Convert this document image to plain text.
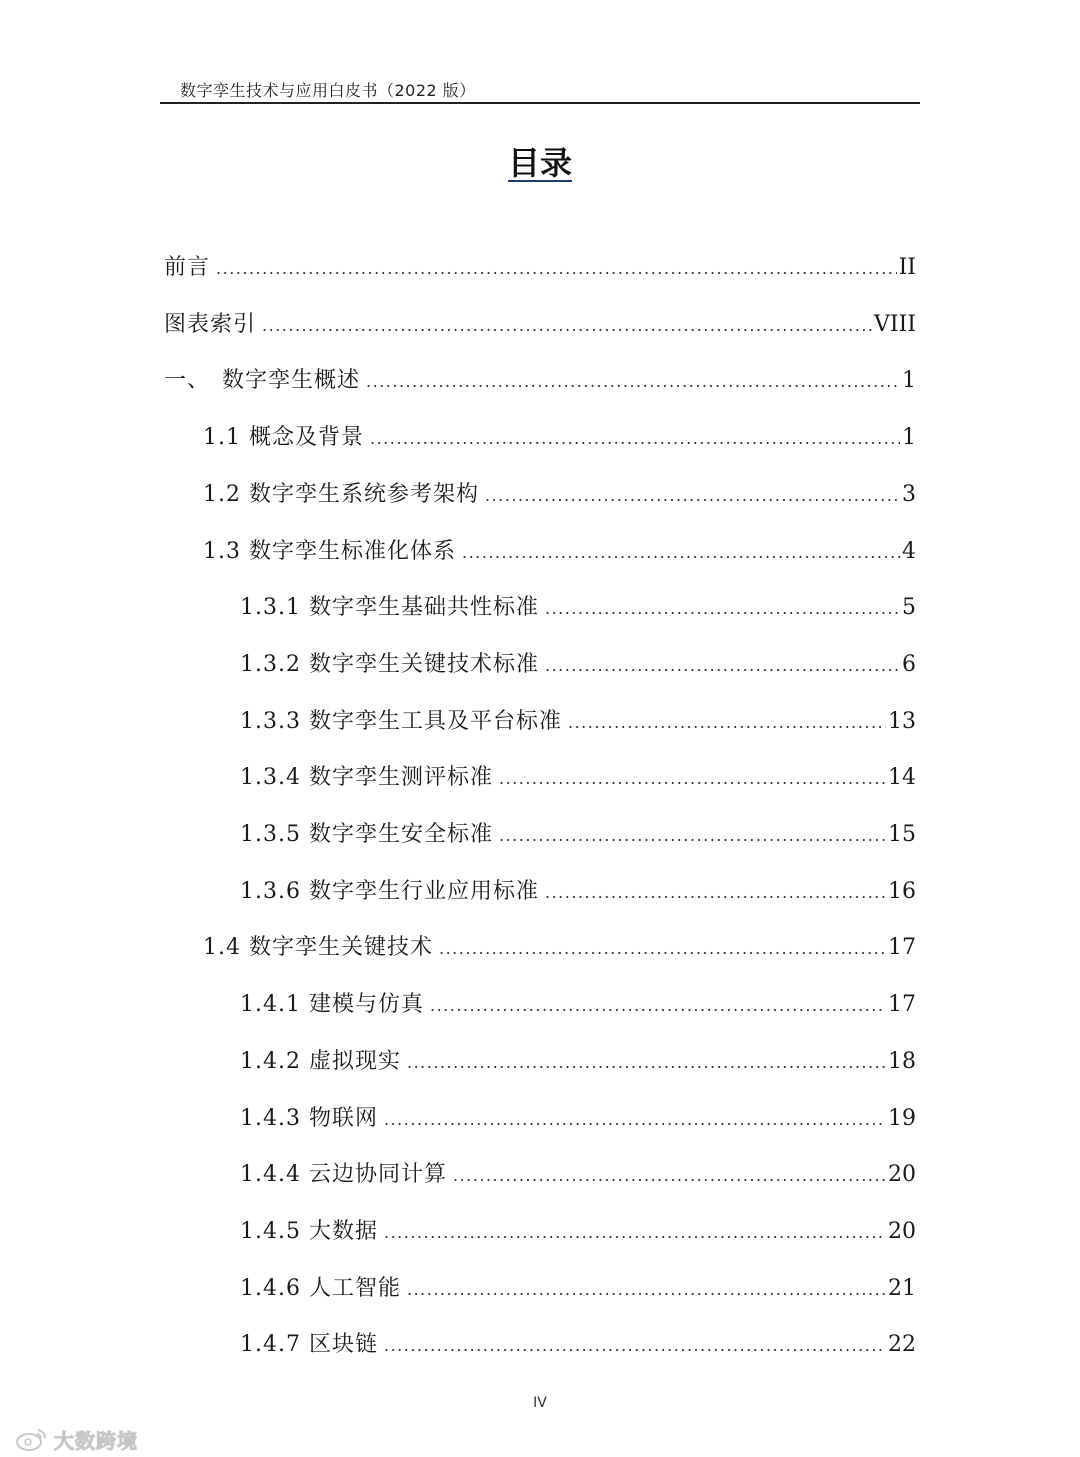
数字孪生技术与应用白皮书（2022 版）
目录
前言 .....	II
图表索引 .....	VIII
一、　数字孪生概述 .....	1
1.1 概念及背景 .....	1
1.2 数字孪生系统参考架构 .....	3
1.3 数字孪生标准化体系 .....	4
1.3.1 数字孪生基础共性标准 .....	5
1.3.2 数字孪生关键技术标准 .....	6
1.3.3 数字孪生工具及平台标准 .....	13
1.3.4 数字孪生测评标准 .....	14
1.3.5 数字孪生安全标准 .....	15
1.3.6 数字孪生行业应用标准 .....	16
1.4 数字孪生关键技术 .....	17
1.4.1 建模与仿真 .....	17
1.4.2 虚拟现实 .....	18
1.4.3 物联网 .....	19
1.4.4 云边协同计算 .....	20
1.4.5 大数据 .....	20
1.4.6 人工智能 .....	21
1.4.7 区块链 .....	22
IV
大数跨境
